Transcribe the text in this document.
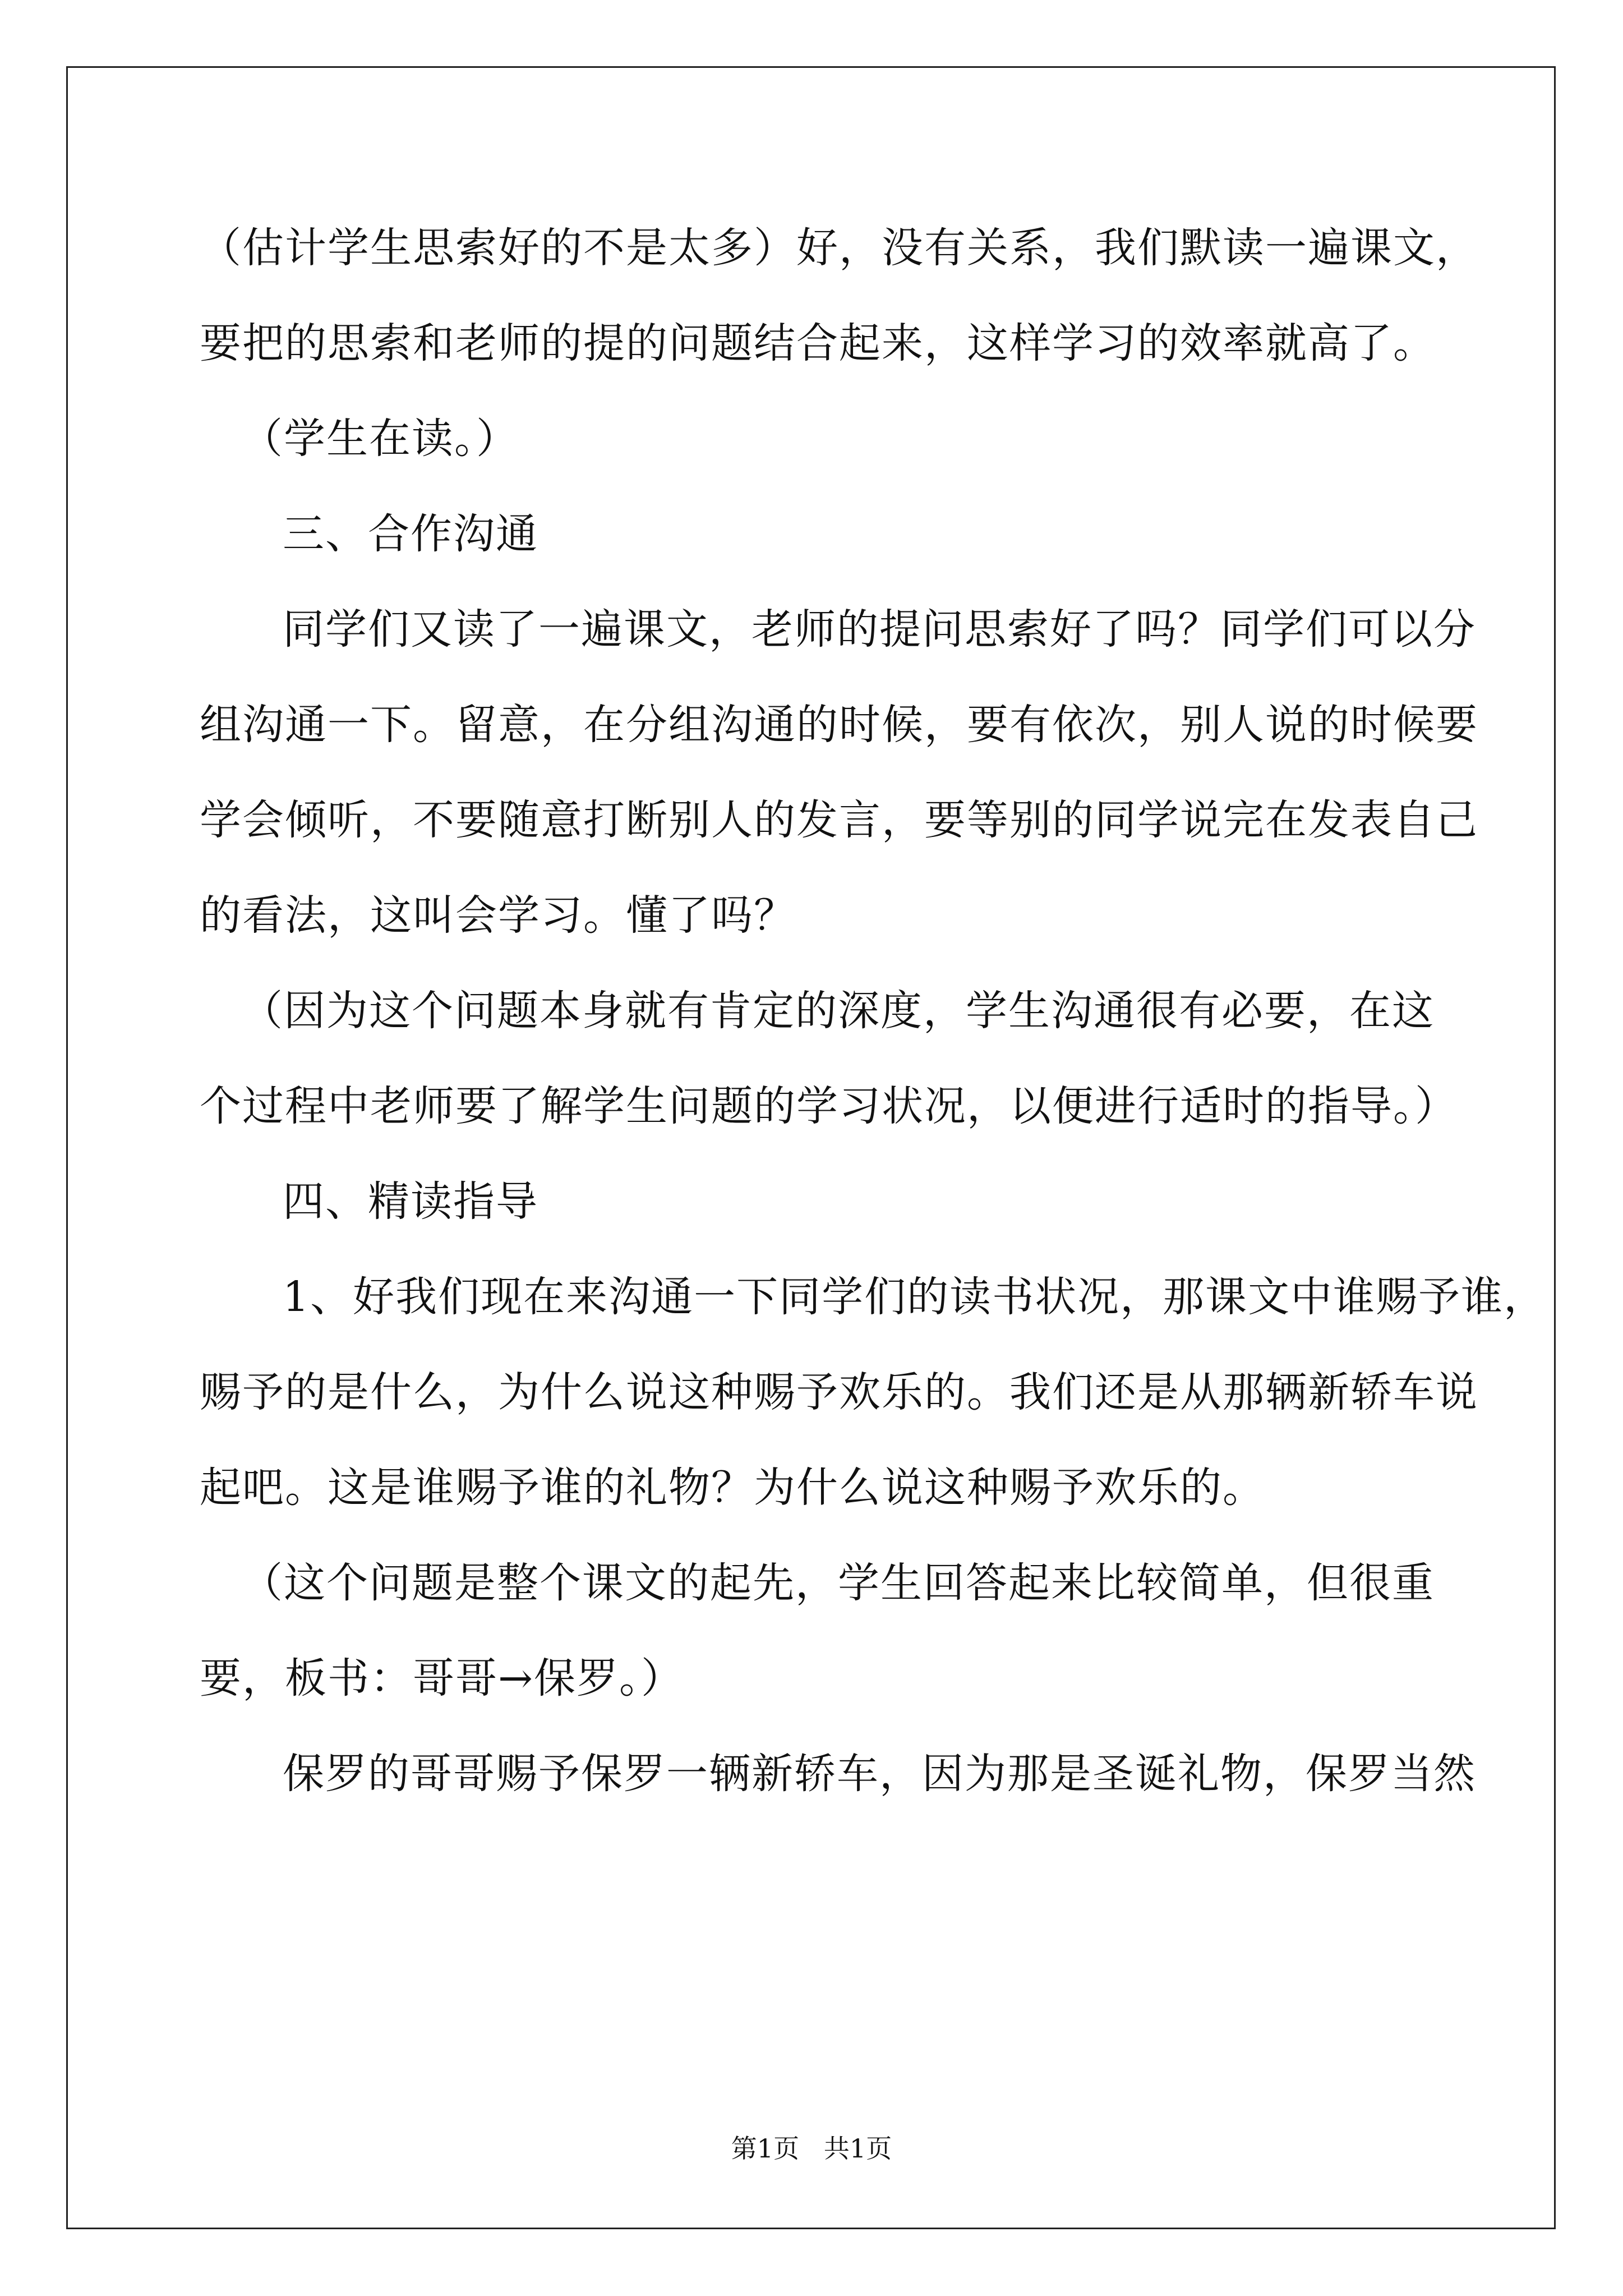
（估计学生思索好的不是太多）好，没有关系，我们默读一遍课文，
要把的思索和老师的提的问题结合起来，这样学习的效率就高了。
（学生在读。）
三、合作沟通
同学们又读了一遍课文，老师的提问思索好了吗？同学们可以分
组沟通一下。留意，在分组沟通的时候，要有依次，别人说的时候要
学会倾听，不要随意打断别人的发言，要等别的同学说完在发表自己
的看法，这叫会学习。懂了吗？
（因为这个问题本身就有肯定的深度，学生沟通很有必要，在这
个过程中老师要了解学生问题的学习状况，以便进行适时的指导。）
四、精读指导
1、好我们现在来沟通一下同学们的读书状况，那课文中谁赐予谁，
赐予的是什么，为什么说这种赐予欢乐的。我们还是从那辆新轿车说
起吧。这是谁赐予谁的礼物？为什么说这种赐予欢乐的。
（这个问题是整个课文的起先，学生回答起来比较简单，但很重
要，板书：哥哥→保罗。）
保罗的哥哥赐予保罗一辆新轿车，因为那是圣诞礼物，保罗当然
第1页   共1页
